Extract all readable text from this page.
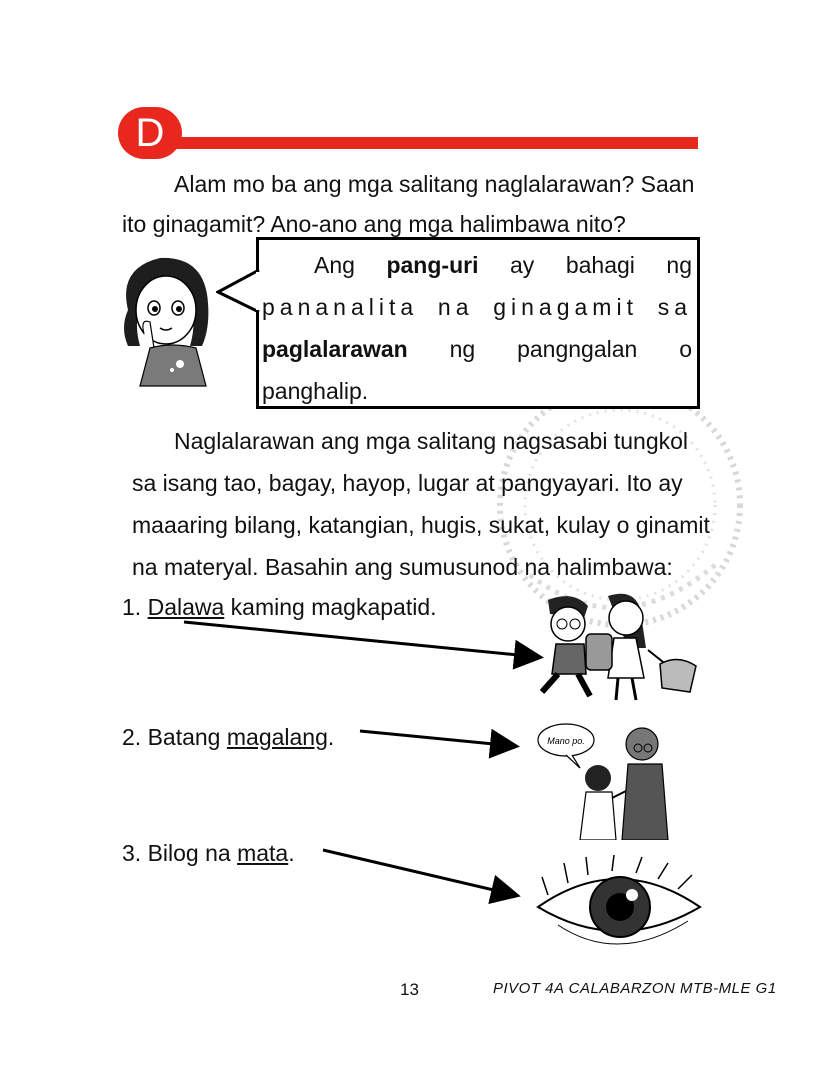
D
Alam mo ba ang mga salitang naglalarawan? Saan
ito ginagamit? Ano-ano ang mga halimbawa nito?
Ang pang-uri ay bahagi ng
pananalita na ginagamit sa
paglalarawan ng pangngalan o
panghalip.
Naglalarawan ang mga salitang nagsasabi tungkol
sa isang tao, bagay, hayop, lugar at pangyayari. Ito ay
maaaring bilang, katangian, hugis, sukat, kulay o ginamit
na materyal. Basahin ang sumusunod na halimbawa:
1. Dalawa kaming magkapatid.
2. Batang magalang.
3. Bilog na mata.
Mano po.
13	PIVOT 4A CALABARZON MTB-MLE G1
